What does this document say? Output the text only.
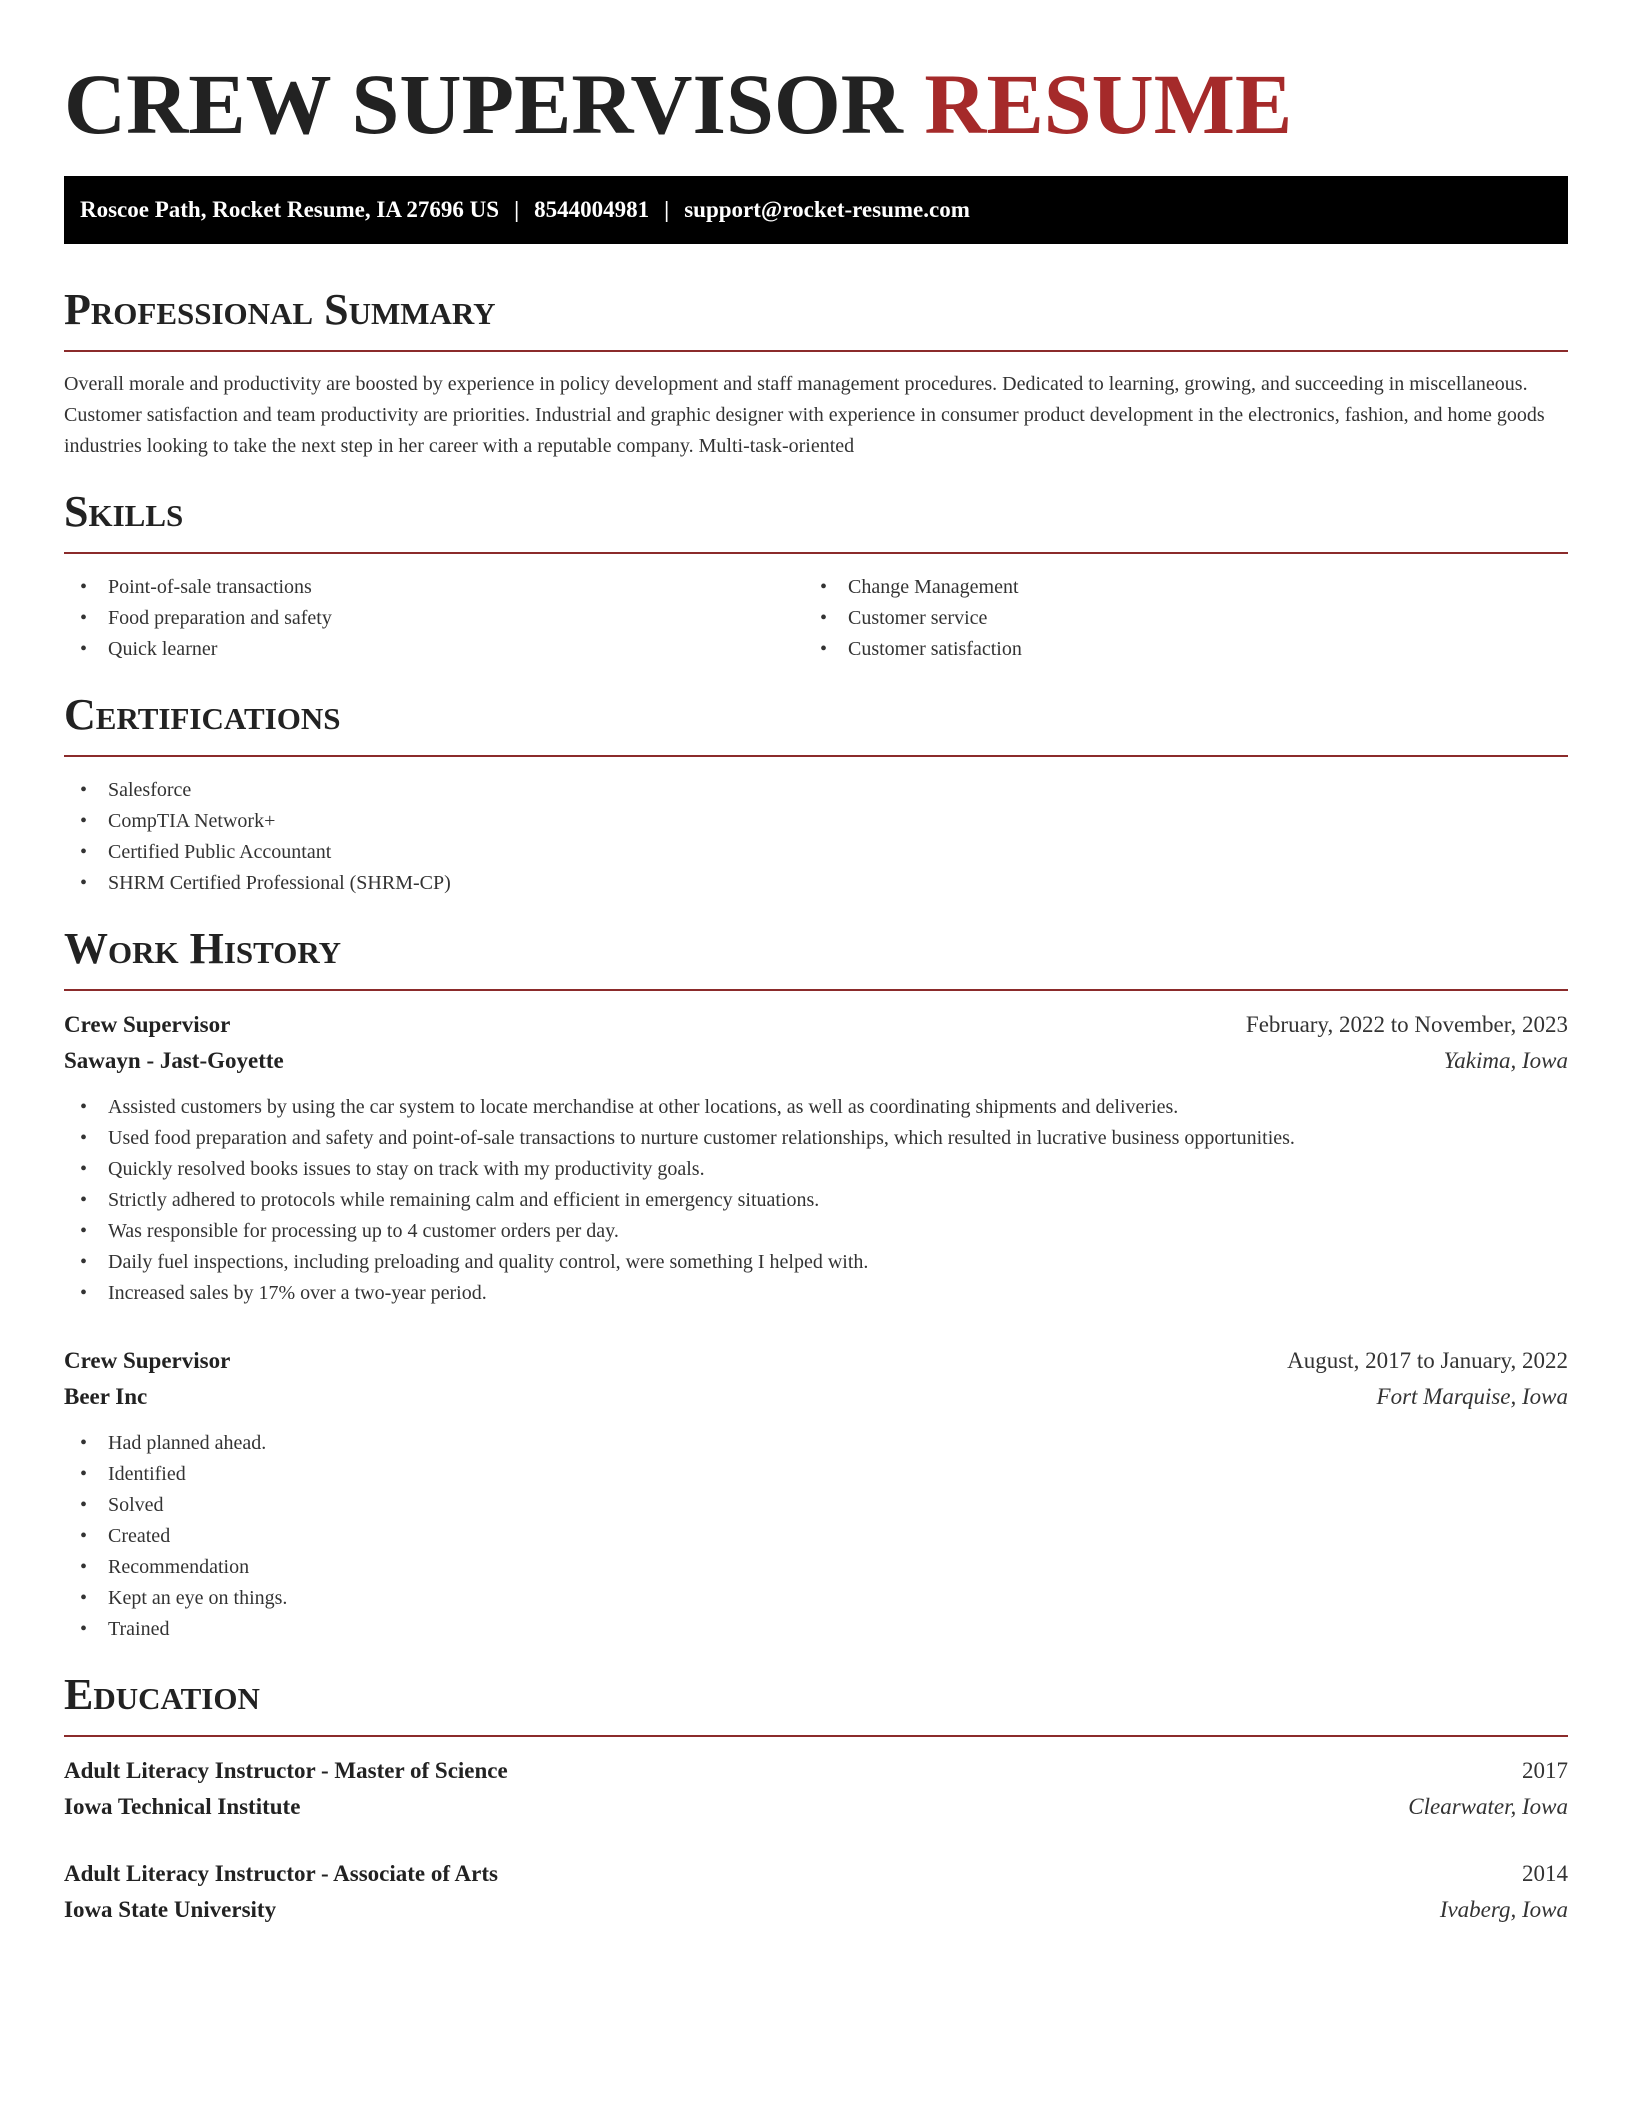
CREW SUPERVISOR RESUME
Roscoe Path, Rocket Resume, IA 27696 US | 8544004981 | support@rocket-resume.com
Professional Summary

Overall morale and productivity are boosted by experience in policy development and staff management procedures. Dedicated to learning, growing, and succeeding in miscellaneous. Customer satisfaction and team productivity are priorities. Industrial and graphic designer with experience in consumer product development in the electronics, fashion, and home goods industries looking to take the next step in her career with a reputable company. Multi-task-oriented

Skills
• Point-of-sale transactions
• Food preparation and safety
• Quick learner
• Change Management
• Customer service
• Customer satisfaction
Certifications
• Salesforce
• CompTIA Network+
• Certified Public Accountant
• SHRM Certified Professional (SHRM-CP)
Work History
Crew Supervisor	February, 2022 to November, 2023
Sawayn - Jast-Goyette	Yakima, Iowa
• Assisted customers by using the car system to locate merchandise at other locations, as well as coordinating shipments and deliveries.
• Used food preparation and safety and point-of-sale transactions to nurture customer relationships, which resulted in lucrative business opportunities.
• Quickly resolved books issues to stay on track with my productivity goals.
• Strictly adhered to protocols while remaining calm and efficient in emergency situations.
• Was responsible for processing up to 4 customer orders per day.
• Daily fuel inspections, including preloading and quality control, were something I helped with.
• Increased sales by 17% over a two-year period.
Crew Supervisor	August, 2017 to January, 2022
Beer Inc	Fort Marquise, Iowa
• Had planned ahead.
• Identified
• Solved
• Created
• Recommendation
• Kept an eye on things.
• Trained
Education
Adult Literacy Instructor - Master of Science	2017
Iowa Technical Institute	Clearwater, Iowa
Adult Literacy Instructor - Associate of Arts	2014
Iowa State University	Ivaberg, Iowa
